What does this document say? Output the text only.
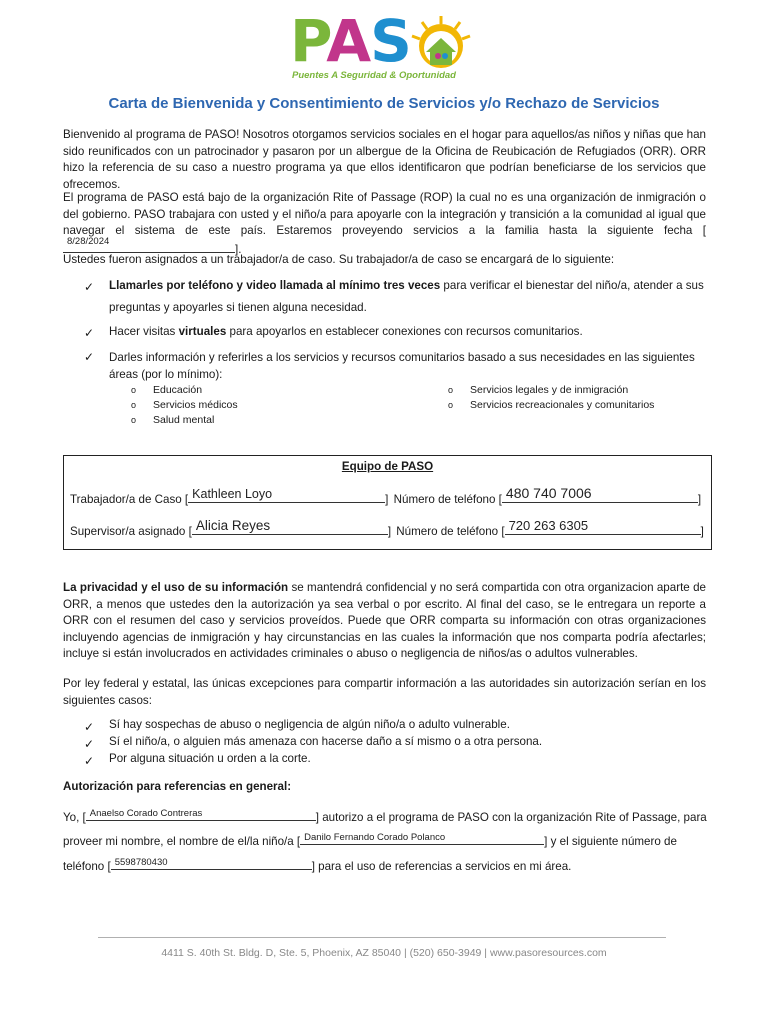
PAS
Puentes A Seguridad & Oportunidad
Carta de Bienvenida y Consentimiento de Servicios y/o Rechazo de Servicios
Bienvenido al programa de PASO! Nosotros otorgamos servicios sociales en el hogar para aquellos/as niños y niñas que han sido reunificados con un patrocinador y pasaron por un albergue de la Oficina de Reubicación de Refugiados (ORR). ORR hizo la referencia de su caso a nuestro programa ya que ellos identificaron que podrían beneficiarse de los servicios que ofrecemos.
El programa de PASO está bajo de la organización Rite of Passage (ROP) la cual no es una organización de inmigración o del gobierno. PASO trabajara con usted y el niño/a para apoyarle con la integración y transición a la comunidad al igual que navegar el sistema de este país. Estaremos proveyendo servicios a la familia hasta la siguiente fecha [
8/28/2024
].
Ustedes fueron asignados a un trabajador/a de caso. Su trabajador/a de caso se encargará de lo siguiente:
✓ Llamarles por teléfono y video llamada al mínimo tres veces para verificar el bienestar del niño/a, atender a sus preguntas y apoyarles si tienen alguna necesidad.
✓ Hacer visitas virtuales para apoyarlos en establecer conexiones con recursos comunitarios.
✓ Darles información y referirles a los servicios y recursos comunitarios basado a sus necesidades en las siguientes áreas (por lo mínimo):
o Educación
o Servicios médicos
o Salud mental
o Servicios legales y de inmigración
o Servicios recreacionales y comunitarios
Equipo de PASO
Trabajador/a de Caso [ Kathleen Loyo	] Número de teléfono [ 480 740 7006	]
Supervisor/a asignado [ Alicia Reyes	] Número de teléfono [ 720 263 6305	]
La privacidad y el uso de su información se mantendrá confidencial y no será compartida con otra organizacion aparte de ORR, a menos que ustedes den la autorización ya sea verbal o por escrito. Al final del caso, se le entregara un reporte a ORR con el resumen del caso y servicios proveídos. Puede que ORR comparta su información con otras organizaciones incluyendo agencias de inmigración y hay circunstancias en las cuales la información que nos comparta podría afectarles; incluye si están involucrados en actividades criminales o abuso o negligencia de niños/as o adultos vulnerables.
Por ley federal y estatal, las únicas excepciones para compartir información a las autoridades sin autorización serían en los siguientes casos:
✓ Sí hay sospechas de abuso o negligencia de algún niño/a o adulto vulnerable.
✓ Sí el niño/a, o alguien más amenaza con hacerse daño a sí mismo o a otra persona.
✓ Por alguna situación u orden a la corte.
Autorización para referencias en general:
Yo, [ Anaelso Corado Contreras	] autorizo a el programa de PASO con la organización Rite of Passage, para
proveer mi nombre, el nombre de el/la niño/a [ Danilo Fernando Corado Polanco	] y el siguiente número de
teléfono [ 5598780430	] para el uso de referencias a servicios en mi área.
4411 S. 40th St. Bldg. D, Ste. 5, Phoenix, AZ 85040 | (520) 650-3949 | www.pasoresources.com
